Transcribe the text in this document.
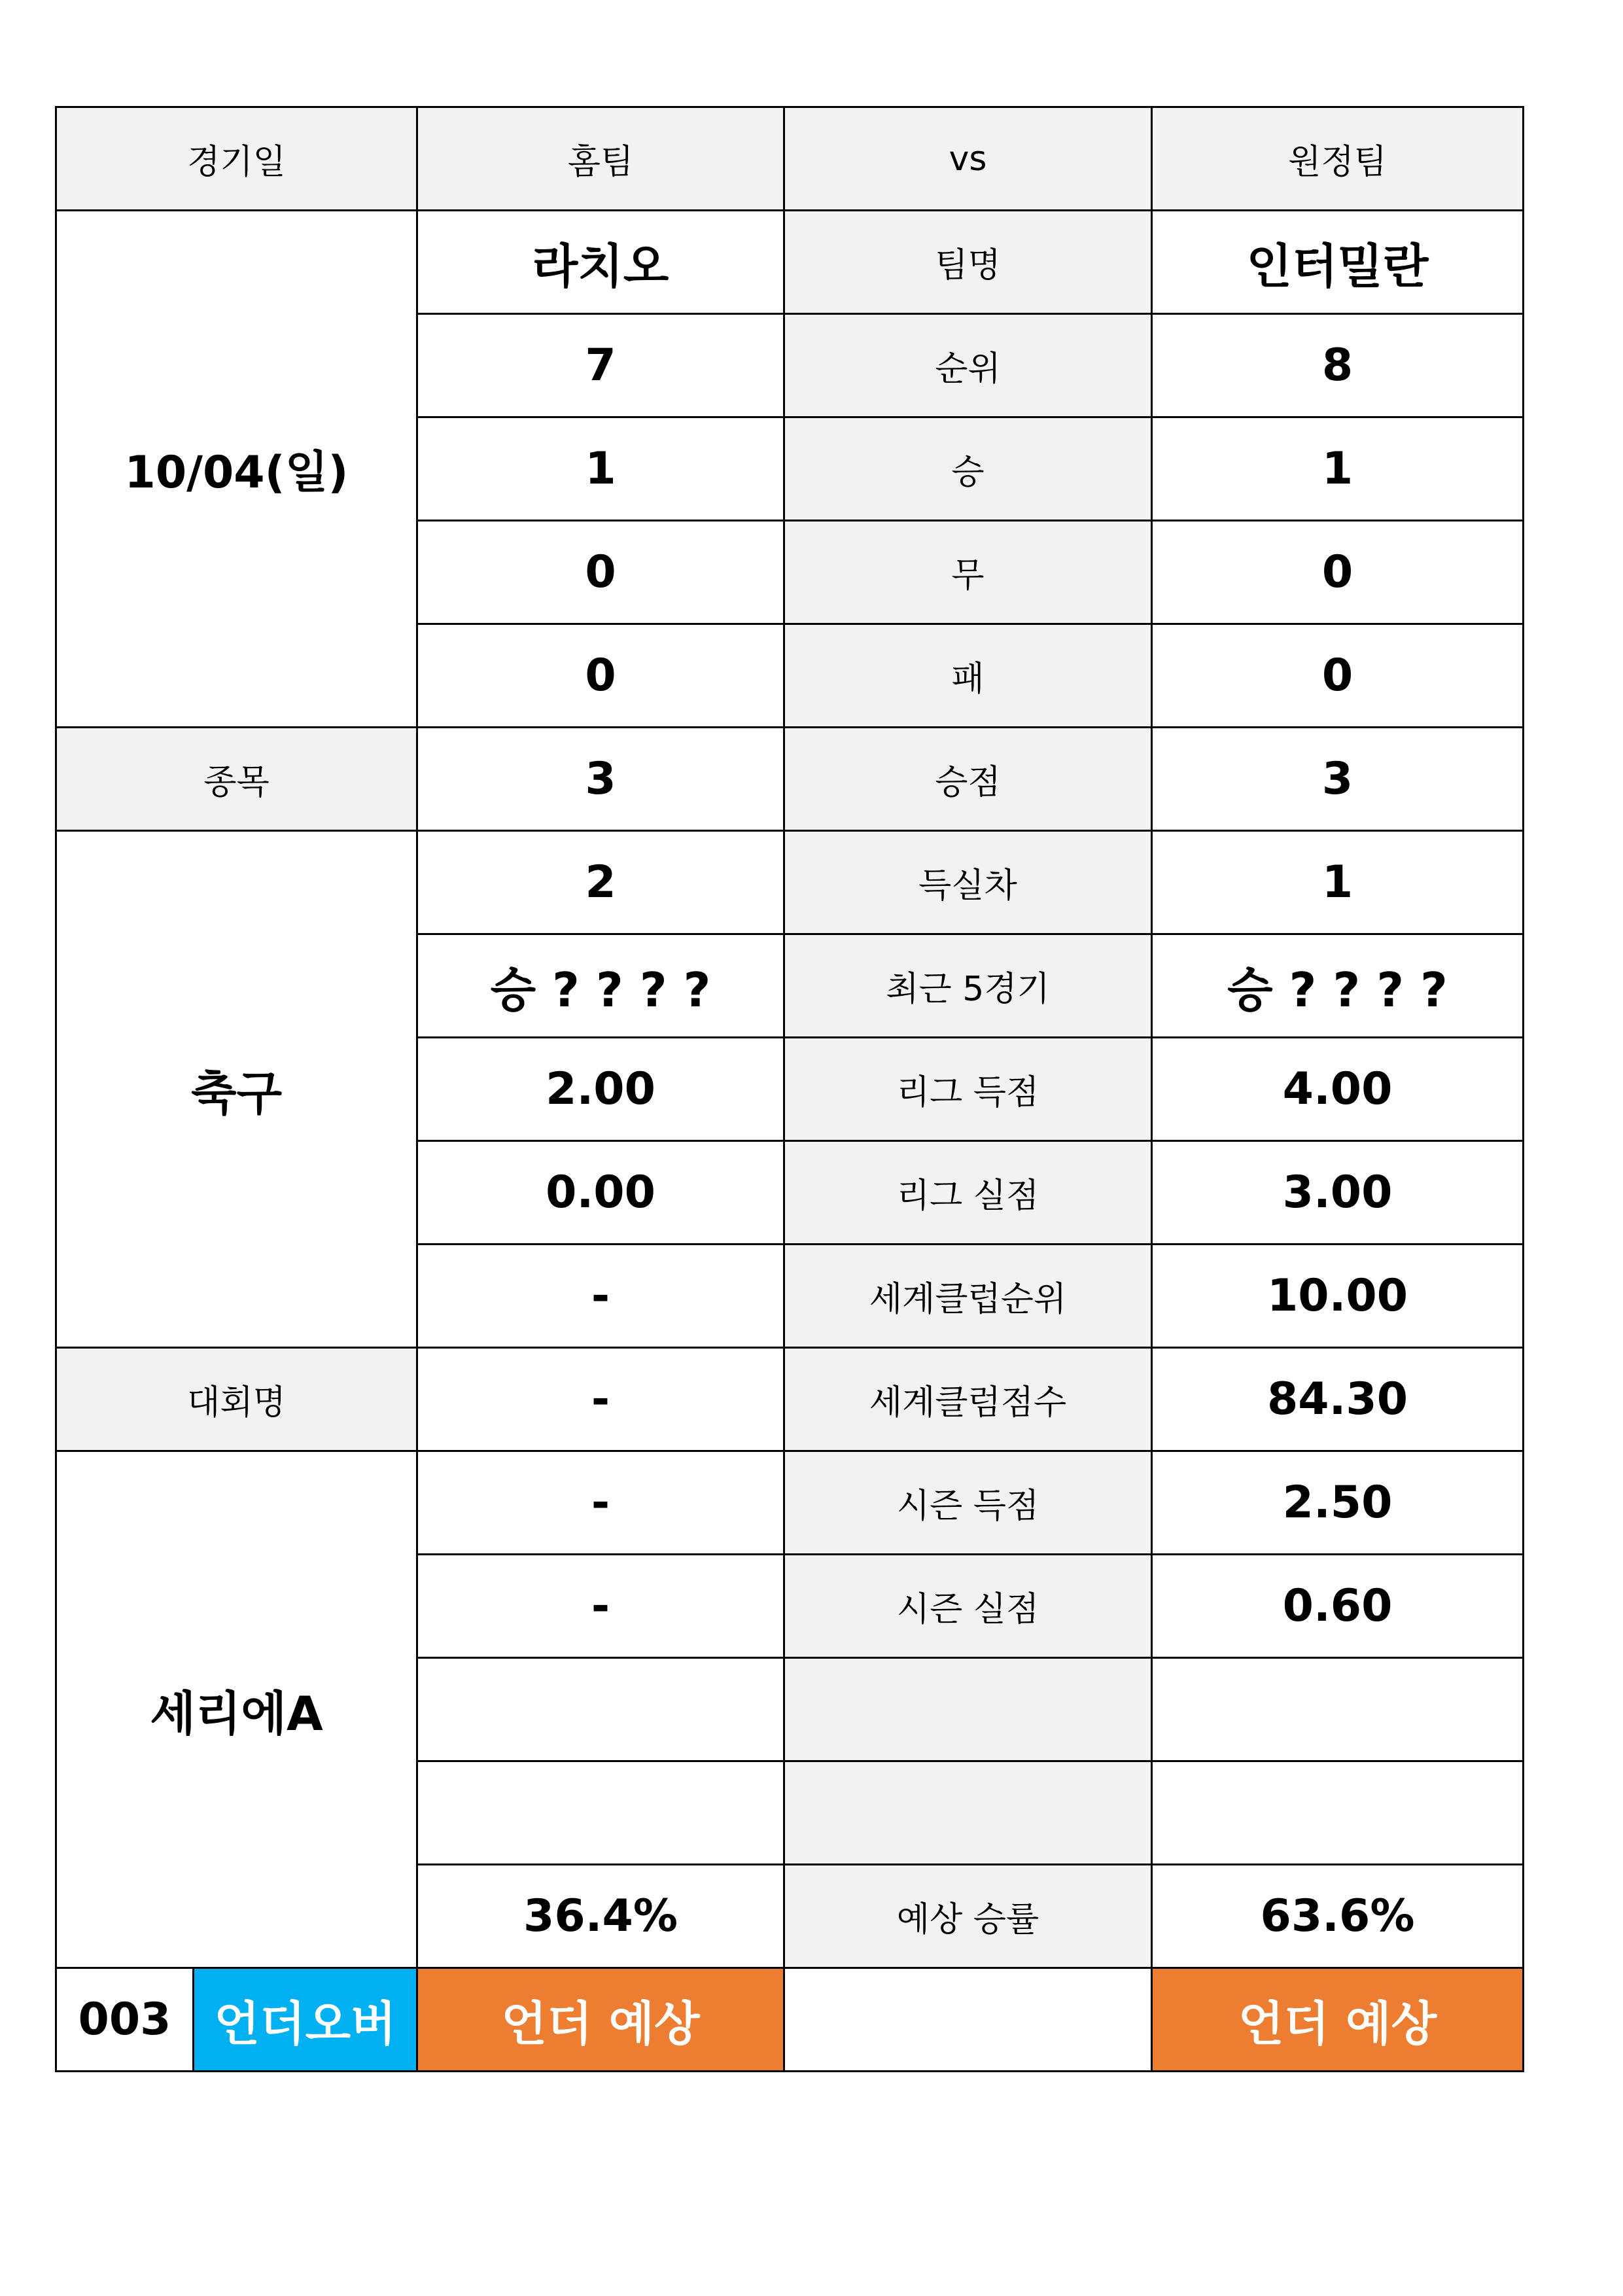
경기일		홈팀	vs	원정팀
10/04(일)		라치오	팀명	인터밀란
		7	순위	8
		1	승	1
		0	무	0
		0	패	0
종목		3	승점	3
축구		2	득실차	1
		승 ? ? ? ?	최근 5경기	승 ? ? ? ?
		2.00	리그 득점	4.00
		0.00	리그 실점	3.00
		-	세계클럽순위	10.00
대회명		-	세계클럼점수	84.30
세리에A		-	시즌 득점	2.50
		-	시즌 실점	0.60

		36.4%	예상 승률	63.6%
003	언더오버	언더 예상		언더 예상
